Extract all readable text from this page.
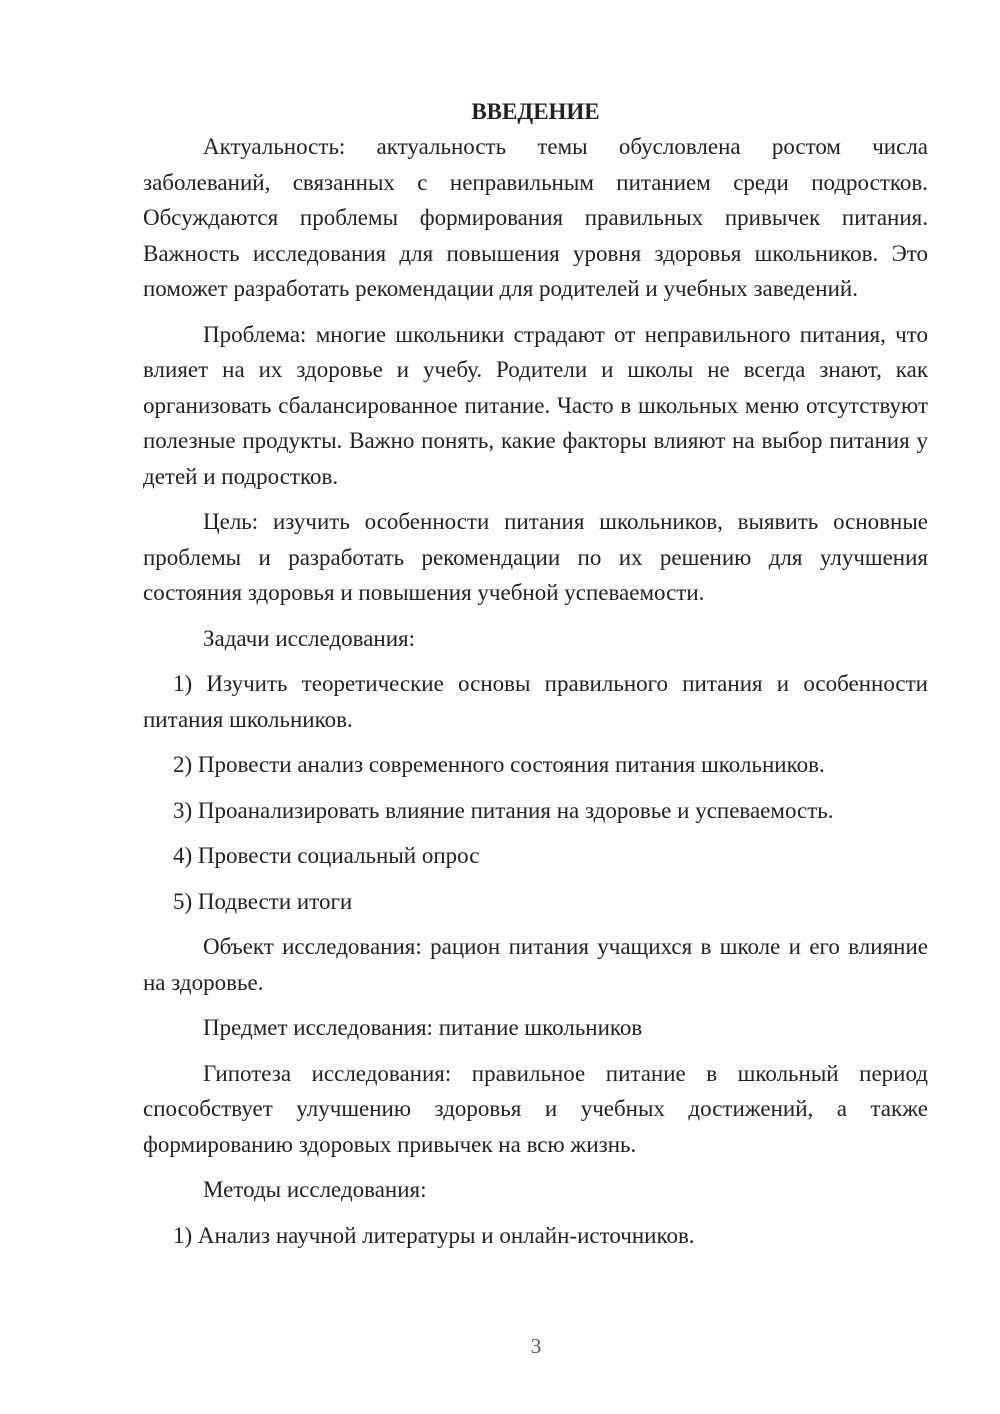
ВВЕДЕНИЕ

Актуальность: актуальность темы обусловлена ростом числа заболеваний, связанных с неправильным питанием среди подростков. Обсуждаются проблемы формирования правильных привычек питания. Важность исследования для повышения уровня здоровья школьников. Это поможет разработать рекомендации для родителей и учебных заведений.

Проблема: многие школьники страдают от неправильного питания, что влияет на их здоровье и учебу. Родители и школы не всегда знают, как организовать сбалансированное питание. Часто в школьных меню отсутствуют полезные продукты. Важно понять, какие факторы влияют на выбор питания у детей и подростков.

Цель: изучить особенности питания школьников, выявить основные проблемы и разработать рекомендации по их решению для улучшения состояния здоровья и повышения учебной успеваемости.

Задачи исследования:

1) Изучить теоретические основы правильного питания и особенности питания школьников.

2) Провести анализ современного состояния питания школьников.

3) Проанализировать влияние питания на здоровье и успеваемость.

4) Провести социальный опрос

5) Подвести итоги

Объект исследования: рацион питания учащихся в школе и его влияние на здоровье.

Предмет исследования: питание школьников

Гипотеза исследования: правильное питание в школьный период способствует улучшению здоровья и учебных достижений, а также формированию здоровых привычек на всю жизнь.

Методы исследования:

1) Анализ научной литературы и онлайн-источников.

3
